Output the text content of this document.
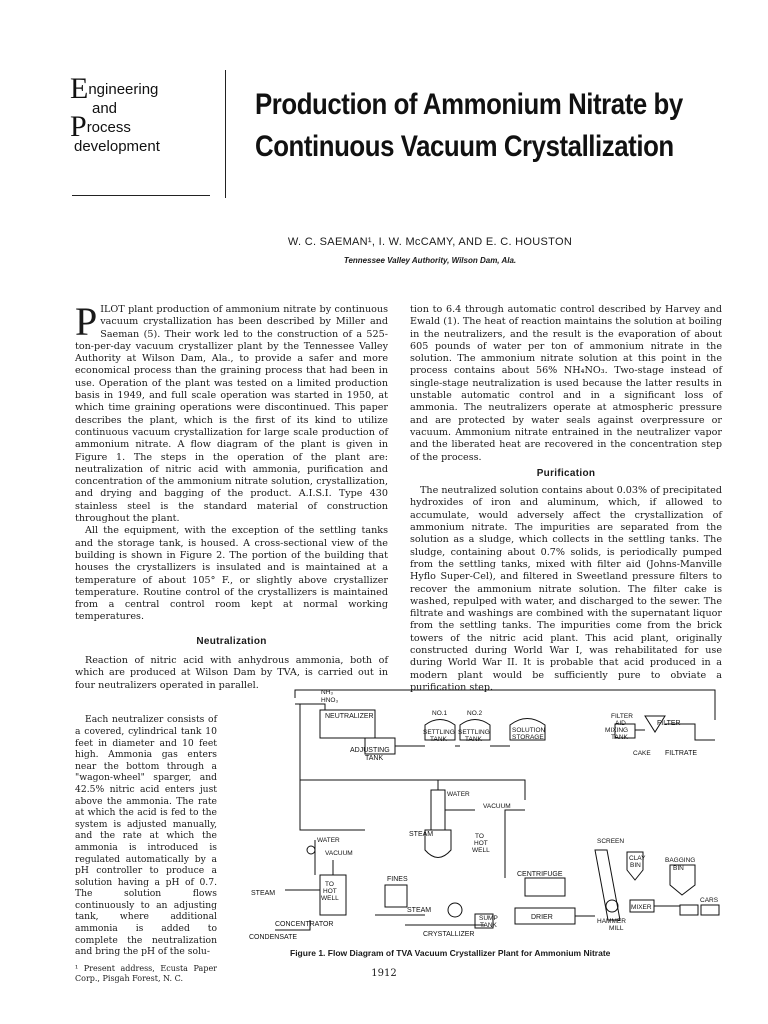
Engineering
and
Process
development
Production of Ammonium Nitrate by
Continuous Vacuum Crystallization
W. C. SAEMAN¹, I. W. McCAMY, AND E. C. HOUSTON
Tennessee Valley Authority, Wilson Dam, Ala.

PILOT plant production of ammonium nitrate by continuous vacuum crystallization has been described by Miller and Saeman (5). Their work led to the construction of a 525-ton-per-day vacuum crystallizer plant by the Tennessee Valley Authority at Wilson Dam, Ala., to provide a safer and more economical process than the graining process that had been in use. Operation of the plant was tested on a limited production basis in 1949, and full scale operation was started in 1950, at which time graining operations were discontinued. This paper describes the plant, which is the first of its kind to utilize continuous vacuum crystallization for large scale production of ammonium nitrate. A flow diagram of the plant is given in Figure 1. The steps in the operation of the plant are: neutralization of nitric acid with ammonia, purification and concentration of the ammonium nitrate solution, crystallization, and drying and bagging of the product. A.I.S.I. Type 430 stainless steel is the standard material of construction throughout the plant.

All the equipment, with the exception of the settling tanks and the storage tank, is housed. A cross-sectional view of the building is shown in Figure 2. The portion of the building that houses the crystallizers is insulated and is maintained at a temperature of about 105° F., or slightly above crystallizer temperature. Routine control of the crystallizers is maintained from a central control room kept at normal working temperatures.

Neutralization

Reaction of nitric acid with anhydrous ammonia, both of which are produced at Wilson Dam by TVA, is carried out in four neutralizers operated in parallel.

Each neutralizer consists of a covered, cylindrical tank 10 feet in diameter and 10 feet high. Ammonia gas enters near the bottom through a "wagon-wheel" sparger, and 42.5% nitric acid enters just above the ammonia. The rate at which the acid is fed to the system is adjusted manually, and the rate at which the ammonia is introduced is regulated automatically by a pH controller to produce a solution having a pH of 0.7. The solution flows continuously to an adjusting tank, where additional ammonia is added to complete the neutralization and bring the pH of the solu-

¹ Present address, Ecusta Paper Corp., Pisgah Forest, N. C.

tion to 6.4 through automatic control described by Harvey and Ewald (1). The heat of reaction maintains the solution at boiling in the neutralizers, and the result is the evaporation of about 605 pounds of water per ton of ammonium nitrate in the solution. The ammonium nitrate solution at this point in the process contains about 56% NH₄NO₃. Two-stage instead of single-stage neutralization is used because the latter results in unstable automatic control and in a significant loss of ammonia. The neutralizers operate at atmospheric pressure and are protected by water seals against overpressure or vacuum. Ammonium nitrate entrained in the neutralizer vapor and the liberated heat are recovered in the concentration step of the process.

Purification

The neutralized solution contains about 0.03% of precipitated hydroxides of iron and aluminum, which, if allowed to accumulate, would adversely affect the crystallization of ammonium nitrate. The impurities are separated from the solution as a sludge, which collects in the settling tanks. The sludge, containing about 0.7% solids, is periodically pumped from the settling tanks, mixed with filter aid (Johns-Manville Hyflo Super-Cel), and filtered in Sweetland pressure filters to recover the ammonium nitrate solution. The filter cake is washed, repulped with water, and discharged to the sewer. The filtrate and washings are combined with the supernatant liquor from the settling tanks. The impurities come from the brick towers of the nitric acid plant. This acid plant, originally constructed during World War I, was rehabilitated for use during World War II. It is probable that acid produced in a modern plant would be sufficiently pure to obviate a purification step.

NH₃
HNO₃
NEUTRALIZER
ADJUSTING
TANK
NO.1	NO.2
SETTLING SETTLING
TANK	TANK
SOLUTION
STORAGE
FILTER
AID	FILTER
MIXING
TANK
CAKE FILTRATE
WATER
VACUUM
STEAM	TO
HOT
WELL
WATER
VACUUM
TO
HOT
WELL
STEAM
FINES
STEAM
CENTRIFUGE
SCREEN
CLAY
BIN
BAGGING
BIN
DRIER
MIXER
HAMMER
MILL
CARS
CONCENTRATOR
CONDENSATE	CRYSTALLIZER
SUMP
TANK
Figure 1. Flow Diagram of TVA Vacuum Crystallizer Plant for Ammonium Nitrate
1912
